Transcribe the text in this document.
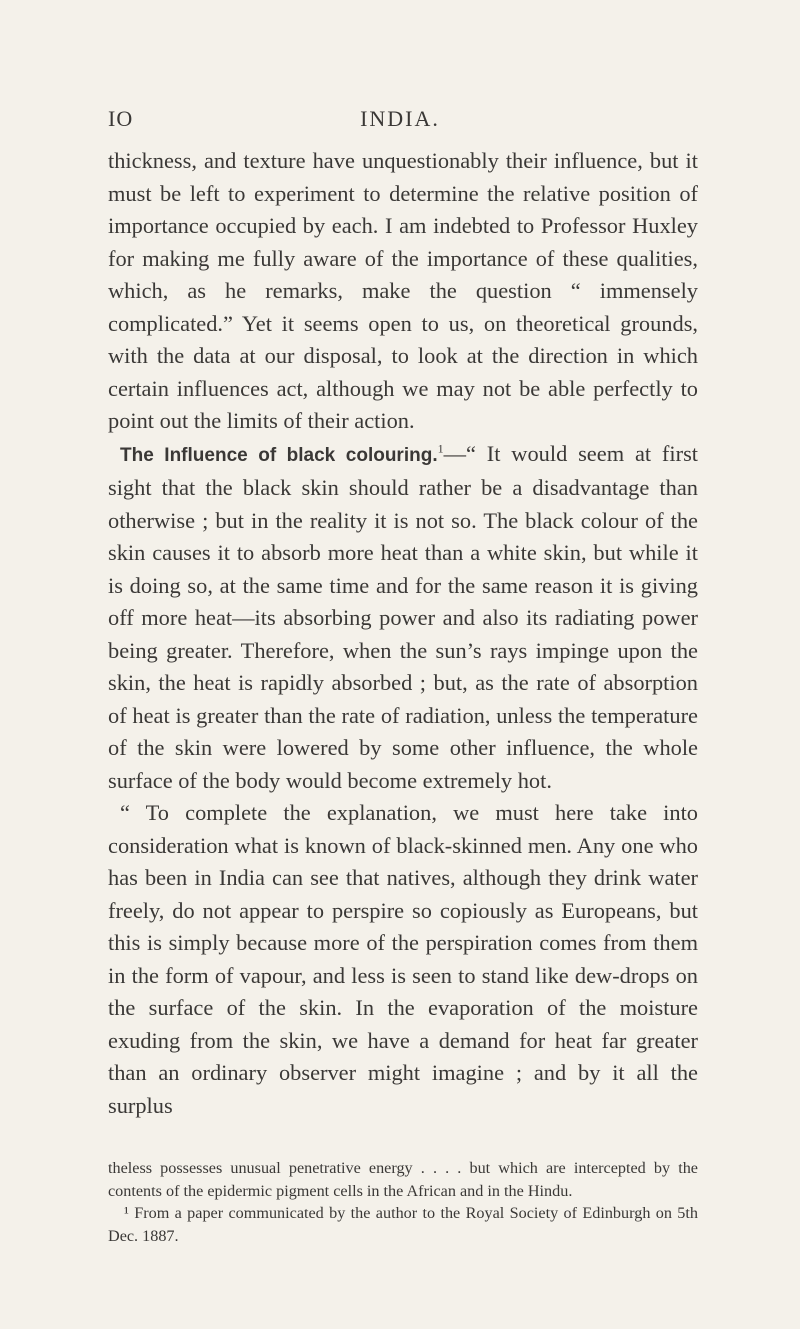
IO	INDIA.

thickness, and texture have unquestionably their influence, but it must be left to experiment to determine the relative position of importance occupied by each. I am indebted to Professor Huxley for making me fully aware of the importance of these qualities, which, as he remarks, make the question “ immensely complicated.” Yet it seems open to us, on theoretical grounds, with the data at our disposal, to look at the direction in which certain influences act, although we may not be able perfectly to point out the limits of their action.

The Influence of black colouring.$^1$—“ It would seem at first sight that the black skin should rather be a disadvantage than otherwise ; but in the reality it is not so. The black colour of the skin causes it to absorb more heat than a white skin, but while it is doing so, at the same time and for the same reason it is giving off more heat—its absorbing power and also its radiating power being greater. Therefore, when the sun’s rays impinge upon the skin, the heat is rapidly absorbed ; but, as the rate of absorption of heat is greater than the rate of radiation, unless the temperature of the skin were lowered by some other influence, the whole surface of the body would become extremely hot.

“ To complete the explanation, we must here take into consideration what is known of black-skinned men. Any one who has been in India can see that natives, although they drink water freely, do not appear to perspire so copiously as Europeans, but this is simply because more of the perspiration comes from them in the form of vapour, and less is seen to stand like dew-drops on the surface of the skin. In the evaporation of the moisture exuding from the skin, we have a demand for heat far greater than an ordinary observer might imagine ; and by it all the surplus

theless possesses unusual penetrative energy . . . . but which are intercepted by the contents of the epidermic pigment cells in the African and in the Hindu.

¹ From a paper communicated by the author to the Royal Society of Edinburgh on 5th Dec. 1887.
